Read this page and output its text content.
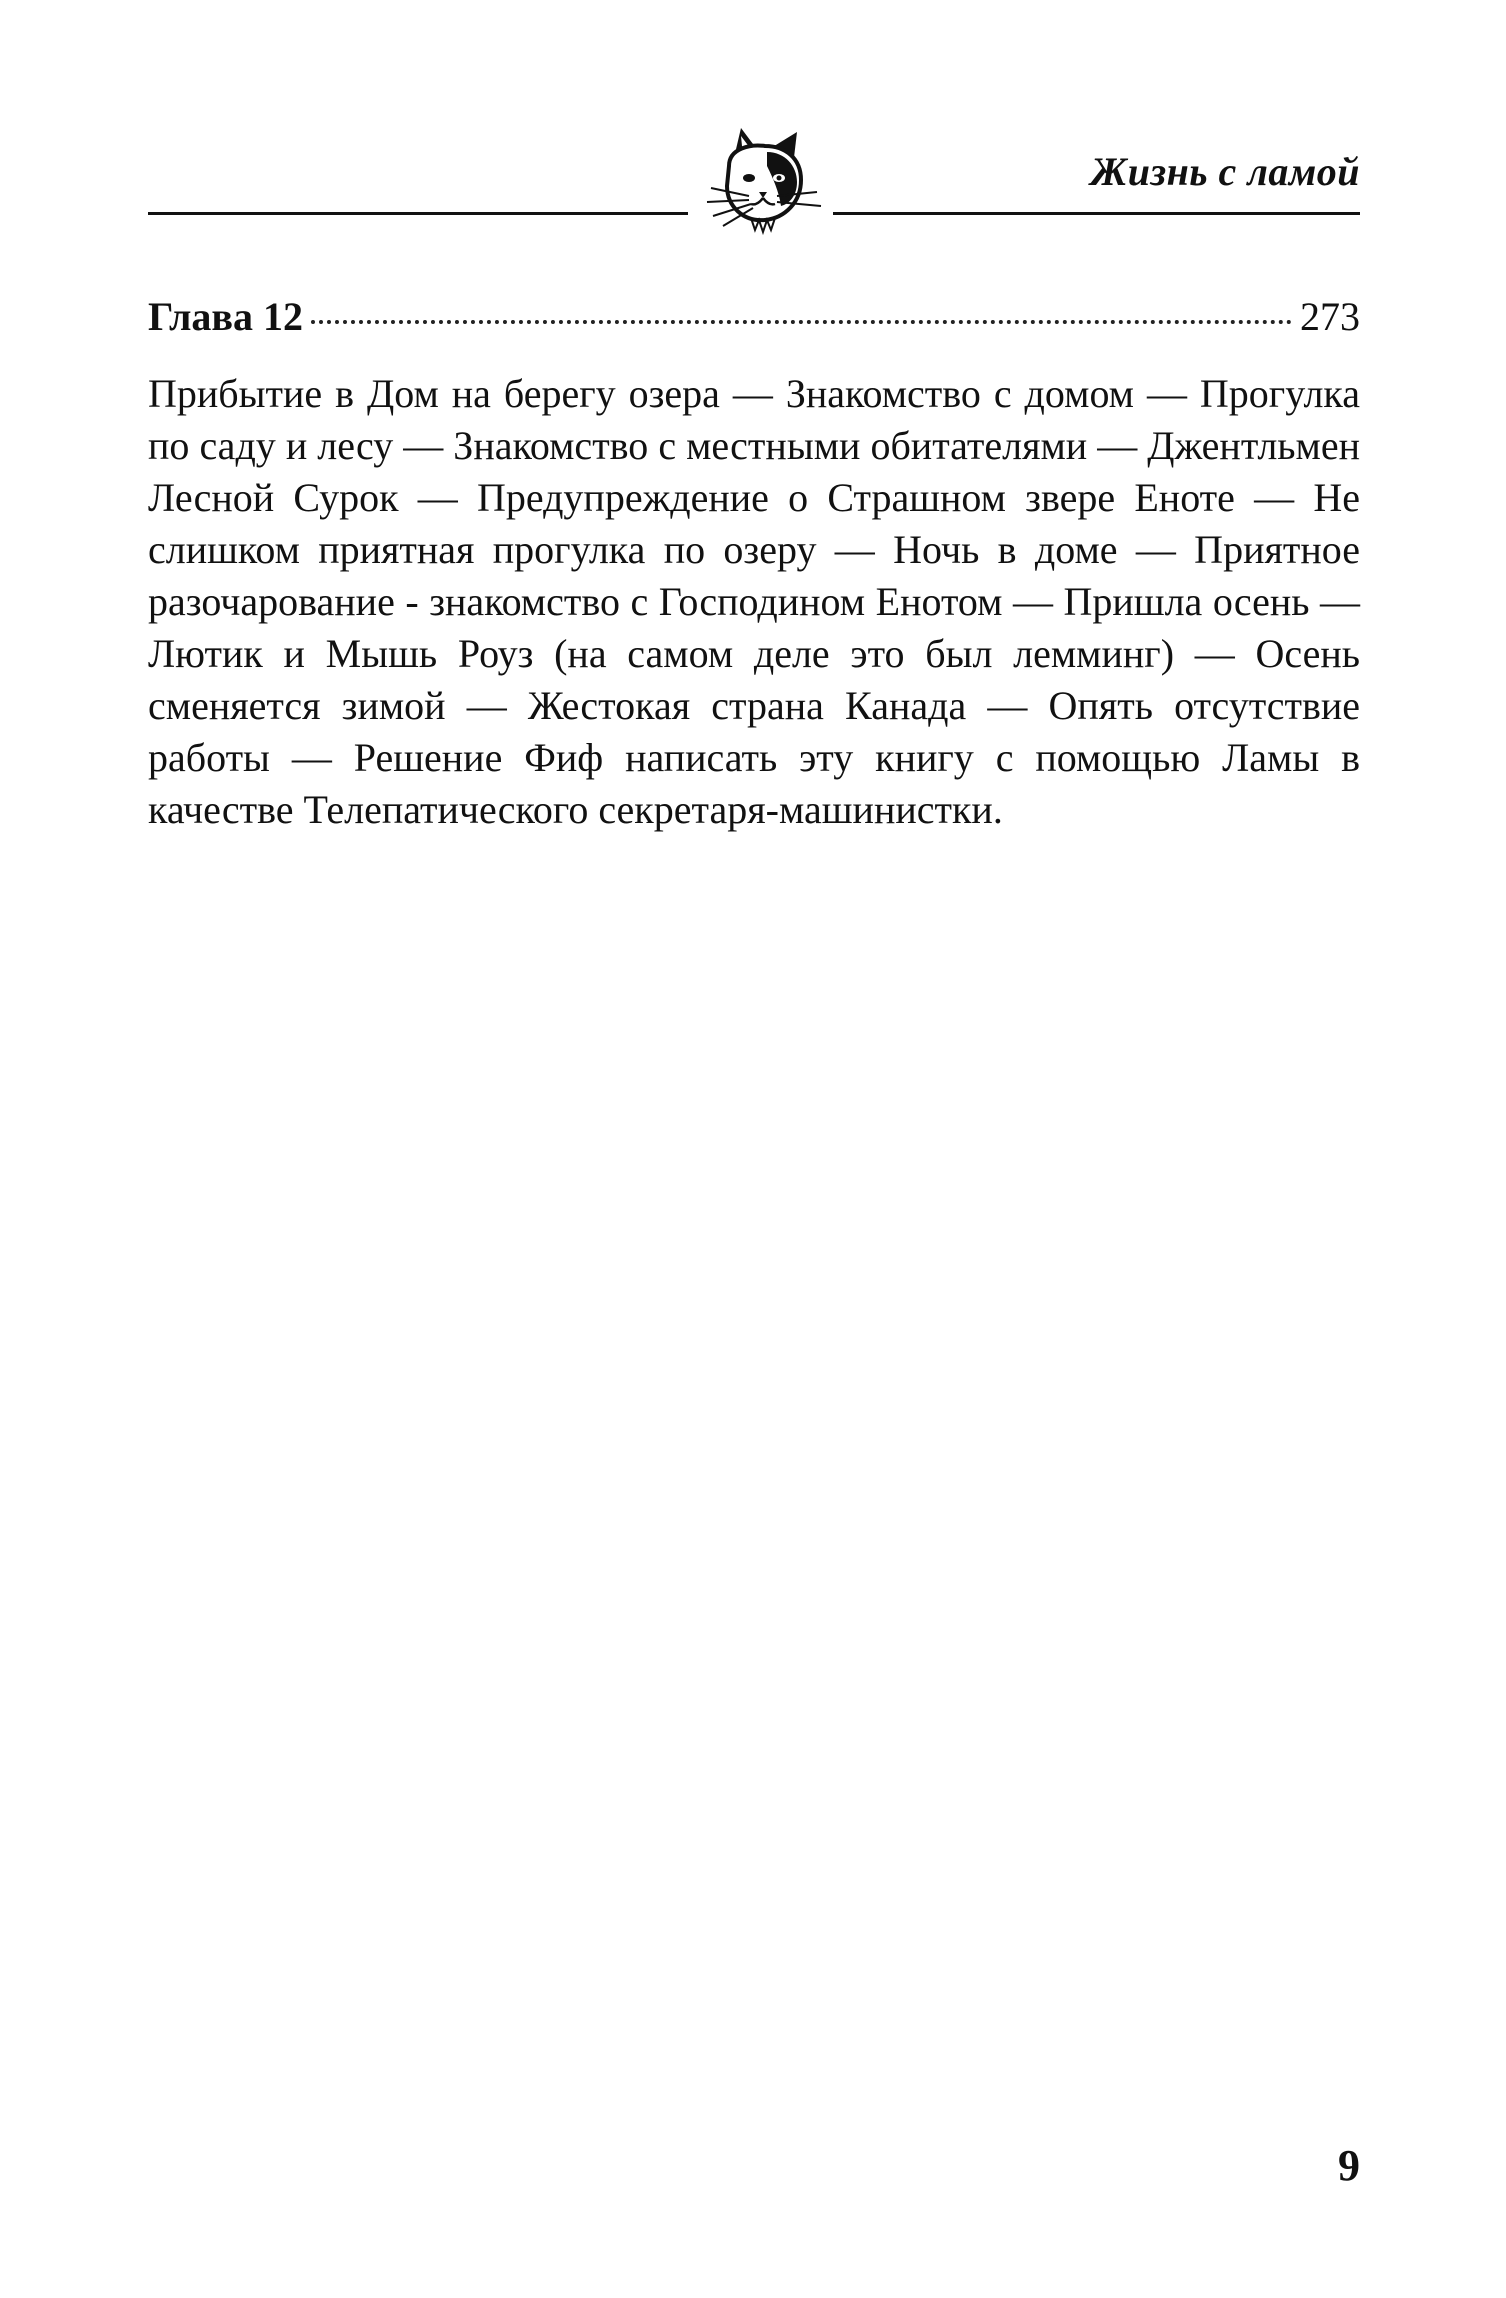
Жизнь с ламой
Глава 12	273

Прибытие в Дом на берегу озера — Знакомство с домом — Прогулка по саду и лесу — Знакомство с местными обитателями — Джентльмен Лесной Сурок — Предупреждение о Страшном звере Еноте — Не слишком приятная прогулка по озеру — Ночь в доме — Приятное разочарование - знакомство с Господином Енотом — Пришла осень — Лютик и Мышь Роуз (на самом деле это был лемминг) — Осень сменяется зимой — Жестокая страна Канада — Опять отсутствие работы — Решение Фиф написать эту книгу с помощью Ламы в качестве Телепатического секретаря-машинистки.

9
